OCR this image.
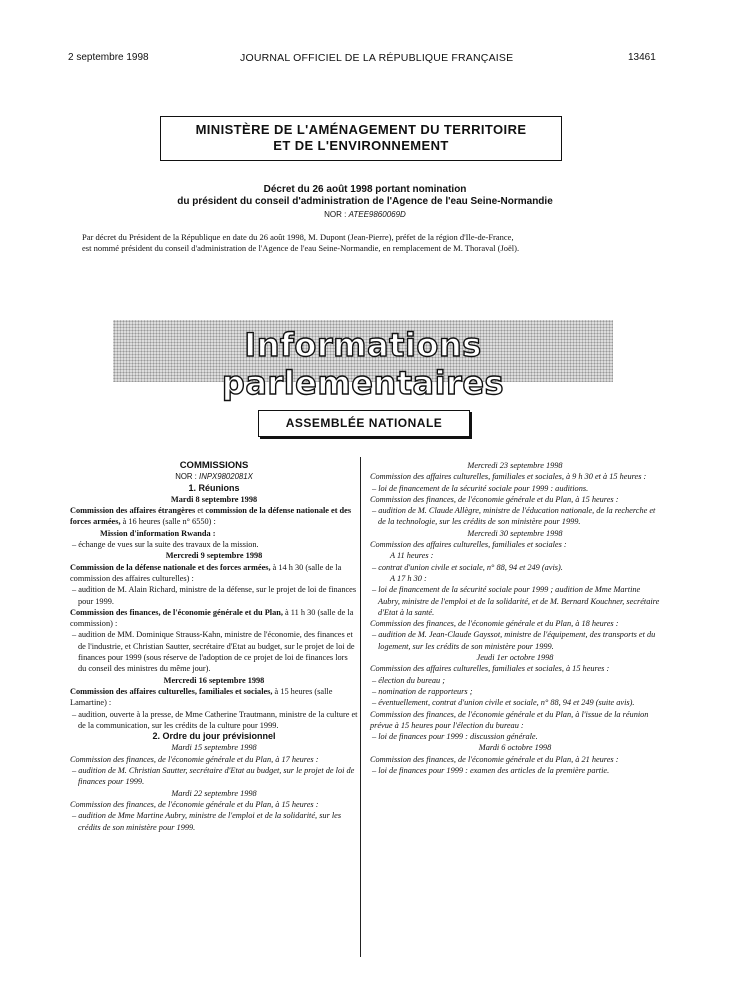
2 septembre 1998	JOURNAL OFFICIEL DE LA RÉPUBLIQUE FRANÇAISE	13461
MINISTÈRE DE L'AMÉNAGEMENT DU TERRITOIRE
ET DE L'ENVIRONNEMENT
Décret du 26 août 1998 portant nomination
du président du conseil d'administration de l'Agence de l'eau Seine-Normandie
NOR : ATEE9860069D
Par décret du Président de la République en date du 26 août 1998, M. Dupont (Jean-Pierre), préfet de la région d'Ile-de-France,
est nommé président du conseil d'administration de l'Agence de l'eau Seine-Normandie, en remplacement de M. Thoraval (Joël).
Informations parlementaires
ASSEMBLÉE NATIONALE

COMMISSIONS

NOR : INPX9802081X

1. Réunions

Mardi 8 septembre 1998

Commission des affaires étrangères et commission de la défense nationale et des forces armées, à 16 heures (salle n° 6550) :

Mission d'information Rwanda :

– échange de vues sur la suite des travaux de la mission.

Mercredi 9 septembre 1998

Commission de la défense nationale et des forces armées, à 14 h 30 (salle de la commission des affaires culturelles) :

– audition de M. Alain Richard, ministre de la défense, sur le projet de loi de finances pour 1999.

Commission des finances, de l'économie générale et du Plan, à 11 h 30 (salle de la commission) :

– audition de MM. Dominique Strauss-Kahn, ministre de l'économie, des finances et de l'industrie, et Christian Sautter, secrétaire d'Etat au budget, sur le projet de loi de finances pour 1999 (sous réserve de l'adoption de ce projet de loi de finances lors du conseil des ministres du même jour).

Mercredi 16 septembre 1998

Commission des affaires culturelles, familiales et sociales, à 15 heures (salle Lamartine) :

– audition, ouverte à la presse, de Mme Catherine Trautmann, ministre de la culture et de la communication, sur les crédits de la culture pour 1999.

2. Ordre du jour prévisionnel

Mardi 15 septembre 1998

Commission des finances, de l'économie générale et du Plan, à 17 heures :

– audition de M. Christian Sautter, secrétaire d'Etat au budget, sur le projet de loi de finances pour 1999.

Mardi 22 septembre 1998

Commission des finances, de l'économie générale et du Plan, à 15 heures :

– audition de Mme Martine Aubry, ministre de l'emploi et de la solidarité, sur les crédits de son ministère pour 1999.

Mercredi 23 septembre 1998

Commission des affaires culturelles, familiales et sociales, à 9 h 30 et à 15 heures :

– loi de financement de la sécurité sociale pour 1999 : auditions.

Commission des finances, de l'économie générale et du Plan, à 15 heures :

– audition de M. Claude Allègre, ministre de l'éducation nationale, de la recherche et de la technologie, sur les crédits de son ministère pour 1999.

Mercredi 30 septembre 1998

Commission des affaires culturelles, familiales et sociales :

A 11 heures :

– contrat d'union civile et sociale, n° 88, 94 et 249 (avis).

A 17 h 30 :

– loi de financement de la sécurité sociale pour 1999 ; audition de Mme Martine Aubry, ministre de l'emploi et de la solidarité, et de M. Bernard Kouchner, secrétaire d'Etat à la santé.

Commission des finances, de l'économie générale et du Plan, à 18 heures :

– audition de M. Jean-Claude Gayssot, ministre de l'équipement, des transports et du logement, sur les crédits de son ministère pour 1999.

Jeudi 1er octobre 1998

Commission des affaires culturelles, familiales et sociales, à 15 heures :

– élection du bureau ;

– nomination de rapporteurs ;

– éventuellement, contrat d'union civile et sociale, n° 88, 94 et 249 (suite avis).

Commission des finances, de l'économie générale et du Plan, à l'issue de la réunion prévue à 15 heures pour l'élection du bureau :

– loi de finances pour 1999 : discussion générale.

Mardi 6 octobre 1998

Commission des finances, de l'économie générale et du Plan, à 21 heures :

– loi de finances pour 1999 : examen des articles de la première partie.
